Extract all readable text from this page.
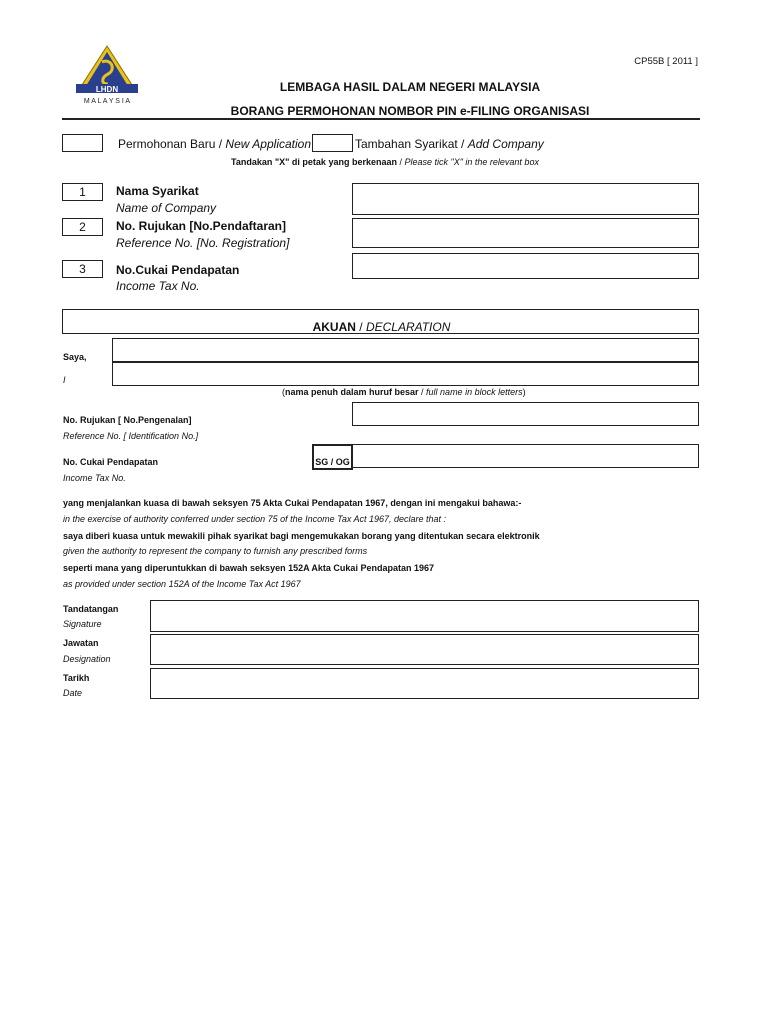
LHDN
M A L A Y S I A
CP55B [ 2011 ]
LEMBAGA HASIL DALAM NEGERI MALAYSIA
BORANG PERMOHONAN NOMBOR PIN e-FILING ORGANISASI
Permohonan Baru / New Application	Tambahan Syarikat / Add Company
Tandakan "X" di petak yang berkenaan / Please tick "X" in the relevant box
1	Nama Syarikat
Name of Company
2	No. Rujukan [No.Pendaftaran]
Reference No. [No. Registration]
3	No.Cukai Pendapatan
Income Tax No.
AKUAN / DECLARATION
Saya,
I
(nama penuh dalam huruf besar / full name in block letters)
No. Rujukan [ No.Pengenalan]
Reference No. [ Identification No.]
No. Cukai Pendapatan
Income Tax No.
SG / OG
yang menjalankan kuasa di bawah seksyen 75 Akta Cukai Pendapatan 1967, dengan ini mengakui bahawa:-
in the exercise of authority conferred under section 75 of the Income Tax Act 1967, declare that :
saya diberi kuasa untuk mewakili pihak syarikat bagi mengemukakan borang yang ditentukan secara elektronik
given the authority to represent the company to furnish any prescribed forms
seperti mana yang diperuntukkan di bawah seksyen 152A Akta Cukai Pendapatan 1967
as provided under section 152A of the Income Tax Act 1967
Tandatangan
Signature
Jawatan
Designation
Tarikh
Date
